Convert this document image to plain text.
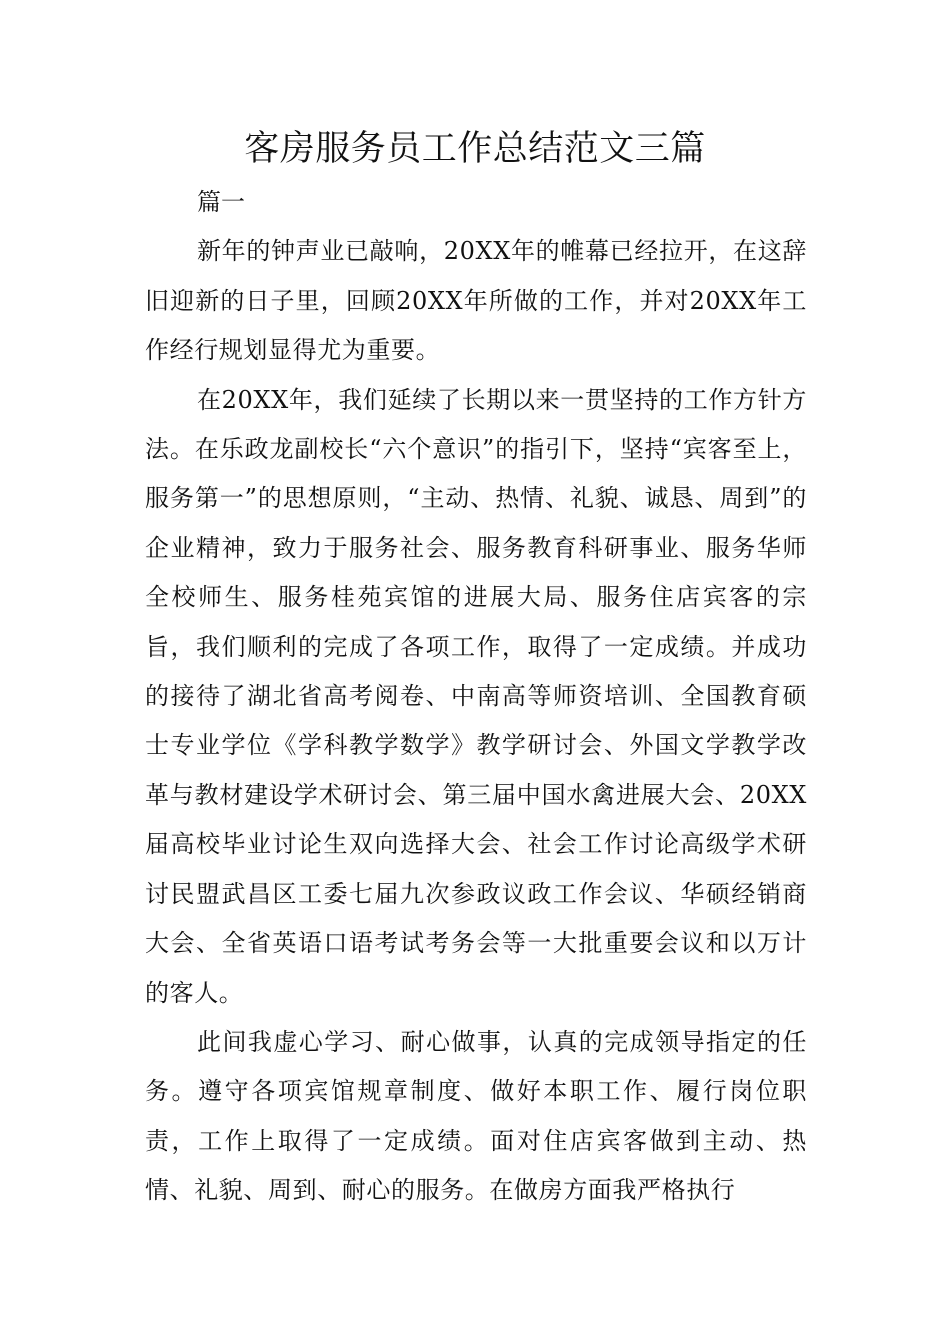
客房服务员工作总结范文三篇

篇一

新年的钟声业已敲响，20XX年的帷幕已经拉开，在这辞旧迎新的日子里，回顾20XX年所做的工作，并对20XX年工作经行规划显得尤为重要。

在20XX年，我们延续了长期以来一贯坚持的工作方针方法。在乐政龙副校长“六个意识”的指引下，坚持“宾客至上，服务第一”的思想原则，“主动、热情、礼貌、诚恳、周到”的企业精神，致力于服务社会、服务教育科研事业、服务华师全校师生、服务桂苑宾馆的进展大局、服务住店宾客的宗旨，我们顺利的完成了各项工作，取得了一定成绩。并成功的接待了湖北省高考阅卷、中南高等师资培训、全国教育硕士专业学位《学科教学数学》教学研讨会、外国文学教学改革与教材建设学术研讨会、第三届中国水禽进展大会、20XX届高校毕业讨论生双向选择大会、社会工作讨论高级学术研讨民盟武昌区工委七届九次参政议政工作会议、华硕经销商大会、全省英语口语考试考务会等一大批重要会议和以万计的客人。

此间我虚心学习、耐心做事，认真的完成领导指定的任务。遵守各项宾馆规章制度、做好本职工作、履行岗位职责，工作上取得了一定成绩。面对住店宾客做到主动、热情、礼貌、周到、耐心的服务。在做房方面我严格执行
